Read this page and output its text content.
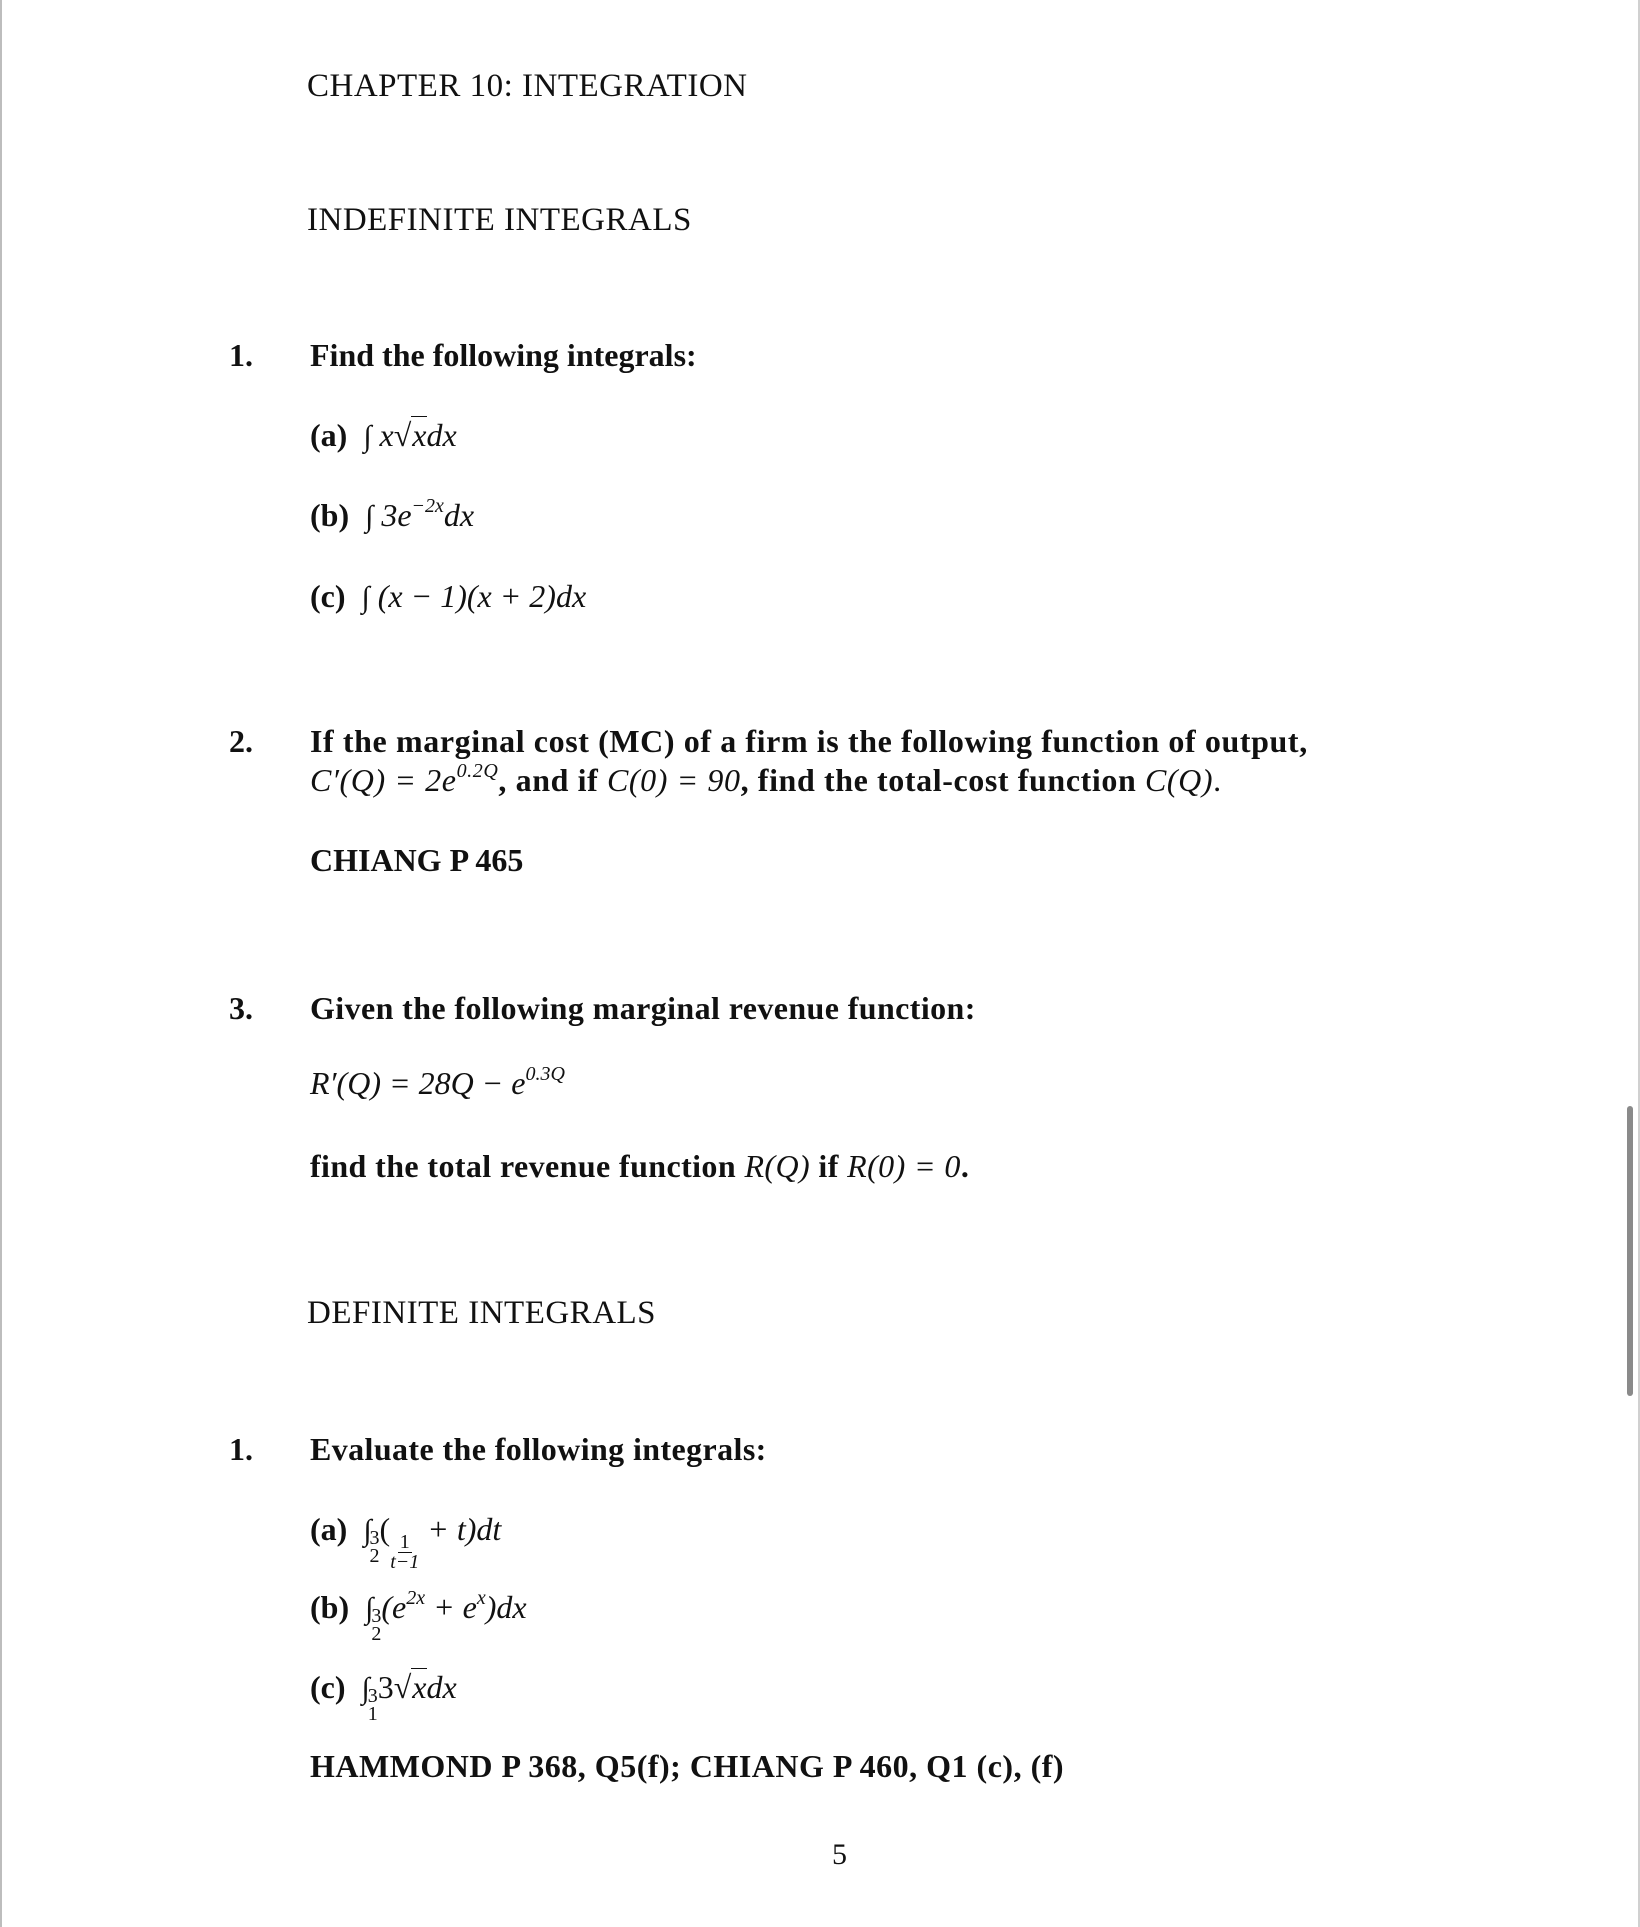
CHAPTER 10: INTEGRATION
INDEFINITE INTEGRALS
1. Find the following integrals:
(a) ∫ x√xdx
(b) ∫ $3e^{-2x}dx$
(c) ∫ (x − 1)(x + 2)dx
2. If the marginal cost (MC) of a firm is the following function of output,
$C'(Q) = 2e^{0.2Q}$, and if C(0) = 90, find the total-cost function C(Q).
CHIANG P 465
3. Given the following marginal revenue function:
$R'(Q) = 28Q - e^{0.3Q}$
find the total revenue function R(Q) if R(0) = 0.
DEFINITE INTEGRALS
1. Evaluate the following integrals:
(a) ∫
3
2
(
$\frac{1}{t-1}$
+ t)dt
(b) ∫
3
2
$(e^{2x} + e^x)dx$
(c) ∫
3
1
3√xdx
HAMMOND P 368, Q5(f); CHIANG P 460, Q1 (c), (f)
5
